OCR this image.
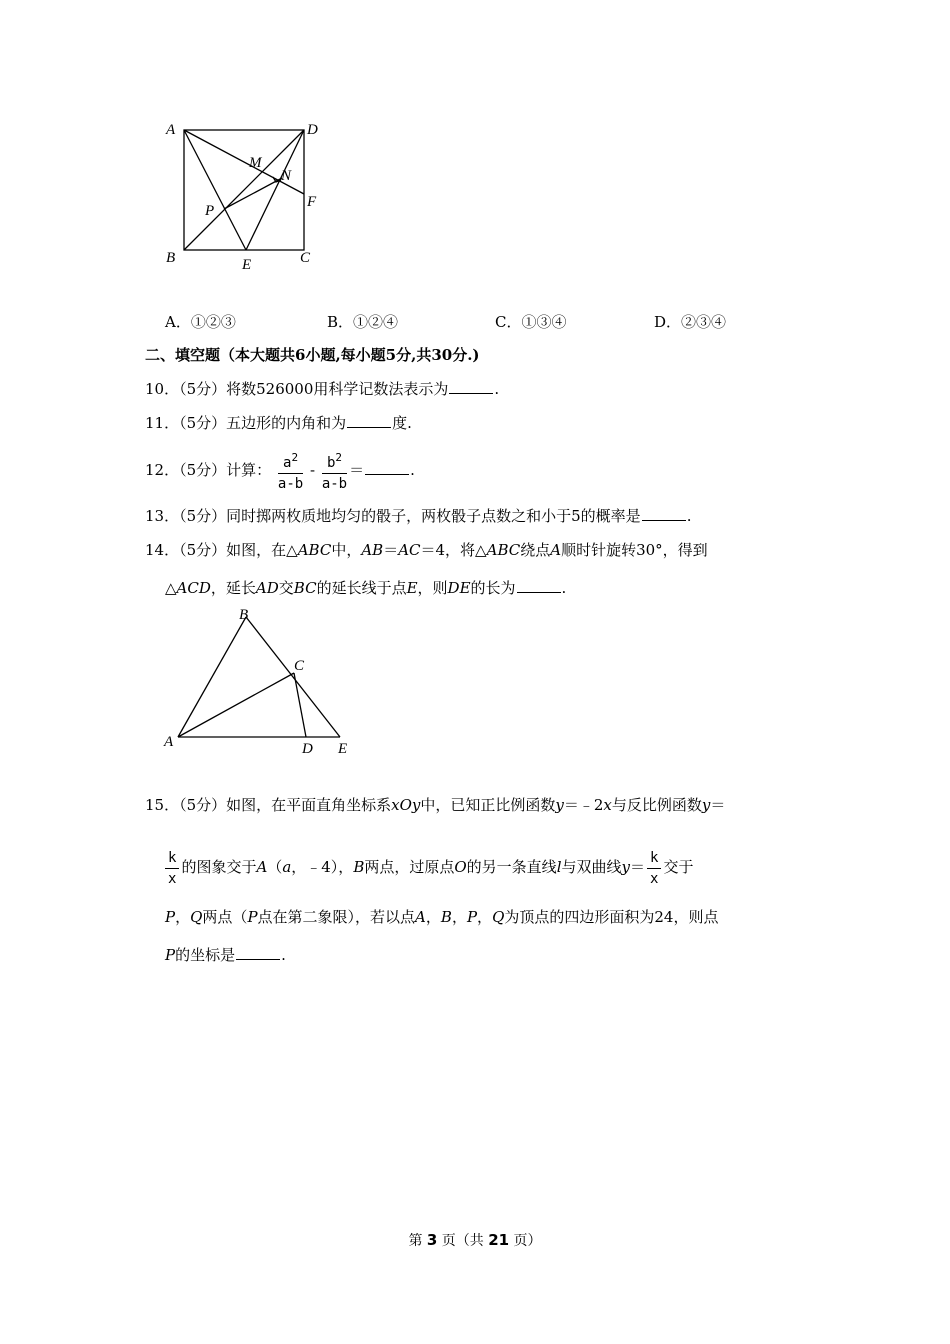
A	D
M
N
F
P
B	E	C
A．①②③	B．①②④	C．①③④	D．②③④
二、填空题（本大题共6小题,每小题5分,共30分.)
10．（5分）将数526000用科学记数法表示为	.
11．（5分）五边形的内角和为	度.
12．（5分）计算： $\frac{a^2}{a-b} - \frac{b^2}{a-b}$ ＝	.
13．（5分）同时掷两枚质地均匀的骰子，两枚骰子点数之和小于5的概率是	.
14．（5分）如图，在△ABC中，AB＝AC＝4，将△ABC绕点A顺时针旋转30°，得到
△ACD，延长AD交BC的延长线于点E，则DE的长为	.
B
C
A	D E
15．（5分）如图，在平面直角坐标系xOy中，已知正比例函数y＝﹣2x与反比例函数y＝
$\frac{k}{x}$ 的图象交于A（a，﹣4），B两点，过原点O的另一条直线l与双曲线$y= \frac{k}{x}$ 交于
P，Q两点（P点在第二象限），若以点A，B，P，Q为顶点的四边形面积为24，则点
P的坐标是	.
第 3 页（共 21 页）
